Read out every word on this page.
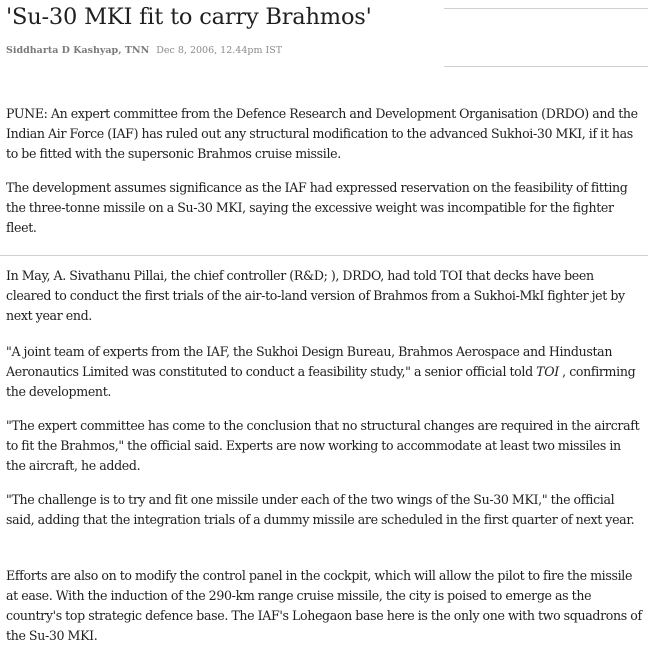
'Su-30 MKI fit to carry Brahmos'
Siddharta D Kashyap, TNN Dec 8, 2006, 12.44pm IST

PUNE: An expert committee from the Defence Research and Development Organisation (DRDO) and the Indian Air Force (IAF) has ruled out any structural modification to the advanced Sukhoi-30 MKI, if it has to be fitted with the supersonic Brahmos cruise missile.

The development assumes significance as the IAF had expressed reservation on the feasibility of fitting the three-tonne missile on a Su-30 MKI, saying the excessive weight was incompatible for the fighter fleet.

In May, A. Sivathanu Pillai, the chief controller (R&D; ), DRDO, had told TOI that decks have been cleared to conduct the first trials of the air-to-land version of Brahmos from a Sukhoi-MkI fighter jet by next year end.

"A joint team of experts from the IAF, the Sukhoi Design Bureau, Brahmos Aerospace and Hindustan Aeronautics Limited was constituted to conduct a feasibility study," a senior official told TOI , confirming the development.

"The expert committee has come to the conclusion that no structural changes are required in the aircraft to fit the Brahmos," the official said. Experts are now working to accommodate at least two missiles in the aircraft, he added.

"The challenge is to try and fit one missile under each of the two wings of the Su-30 MKI," the official said, adding that the integration trials of a dummy missile are scheduled in the first quarter of next year.

Efforts are also on to modify the control panel in the cockpit, which will allow the pilot to fire the missile at ease. With the induction of the 290-km range cruise missile, the city is poised to emerge as the country's top strategic defence base. The IAF's Lohegaon base here is the only one with two squadrons of the Su-30 MKI.
